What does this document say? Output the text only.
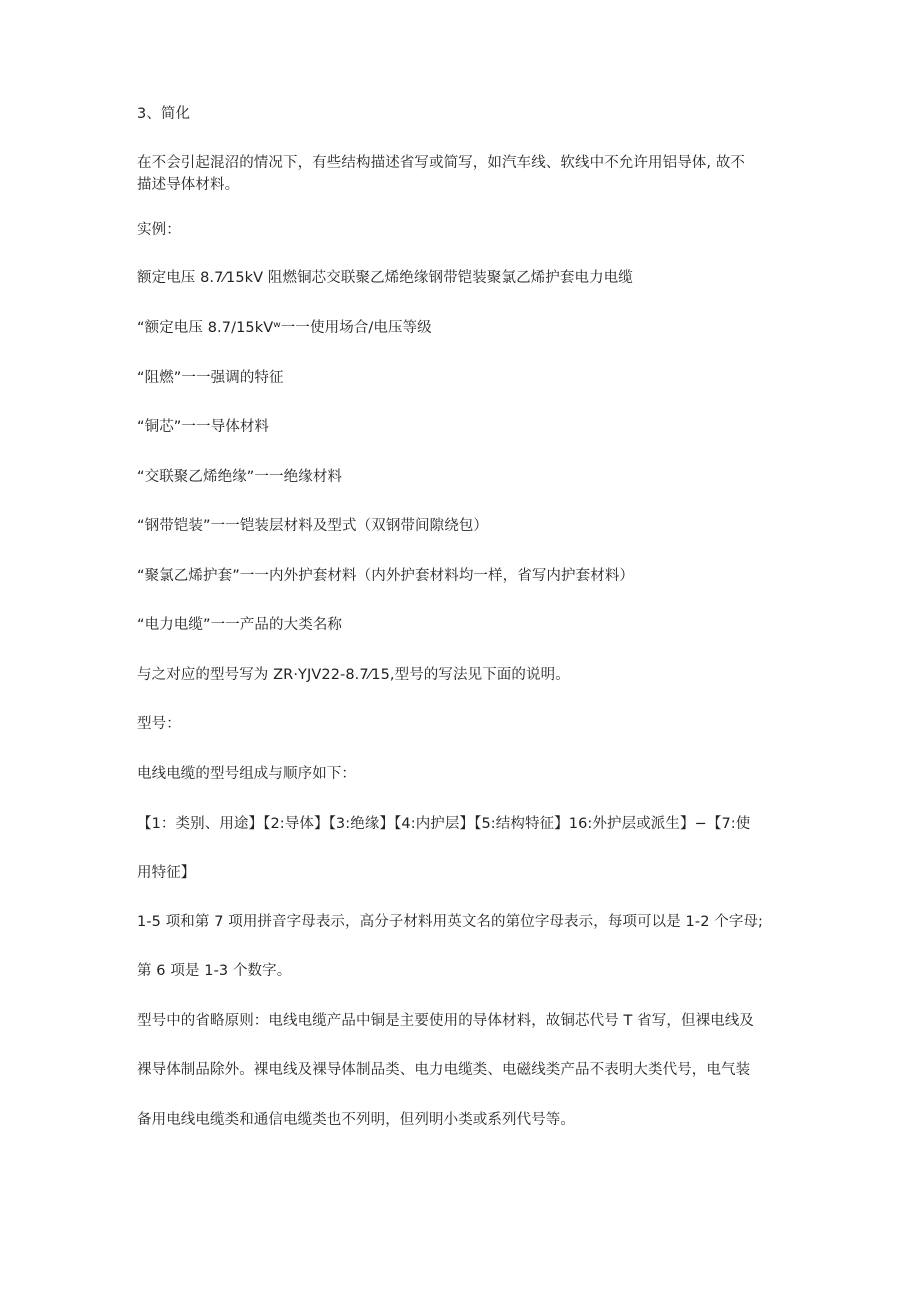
3、简化
在不会引起混沼的情况下，有些结构描述省写或简写，如汽车线、软线中不允许用铝导体, 故不
描述导体材料。
实例：
额定电压 8.7⁄15kV 阻燃铜芯交联聚乙烯绝缘钢带铠装聚氯乙烯护套电力电缆
“额定电压 8.7/15kVʷ一一使用场合/电压等级
“阻燃”一一强调的特征
“铜芯”一一导体材料
“交联聚乙烯绝缘ˮ一一绝缘材料
“钢带铠装”一一铠装层材料及型式（双钢带间隙绕包）
“聚氯乙烯护套”一一内外护套材料（内外护套材料均一样，省写内护套材料）
“电力电缆”一一产品的大类名称
与之对应的型号写为 ZR·YJV22-8.7⁄15,型号的写法见下面的说明。
型号：
电线电缆的型号组成与顺序如下：
【1：类别、用途】【2:导体】【3:绝缘】【4:内护层】【5:结构特征】16:外护层或派生】−【7:使
用特征】
1-5 项和第 7 项用拼音字母表示，高分子材料用英文名的第位字母表示，每项可以是 1-2 个字母;
第 6 项是 1-3 个数字。
型号中的省略原则：电线电缆产品中铜是主要使用的导体材料，故铜芯代号 T 省写，但裸电线及
裸导体制品除外。裸电线及裸导体制品类、电力电缆类、电磁线类产品不表明大类代号，电气装
备用电线电缆类和通信电缆类也不列明，但列明小类或系列代号等。
